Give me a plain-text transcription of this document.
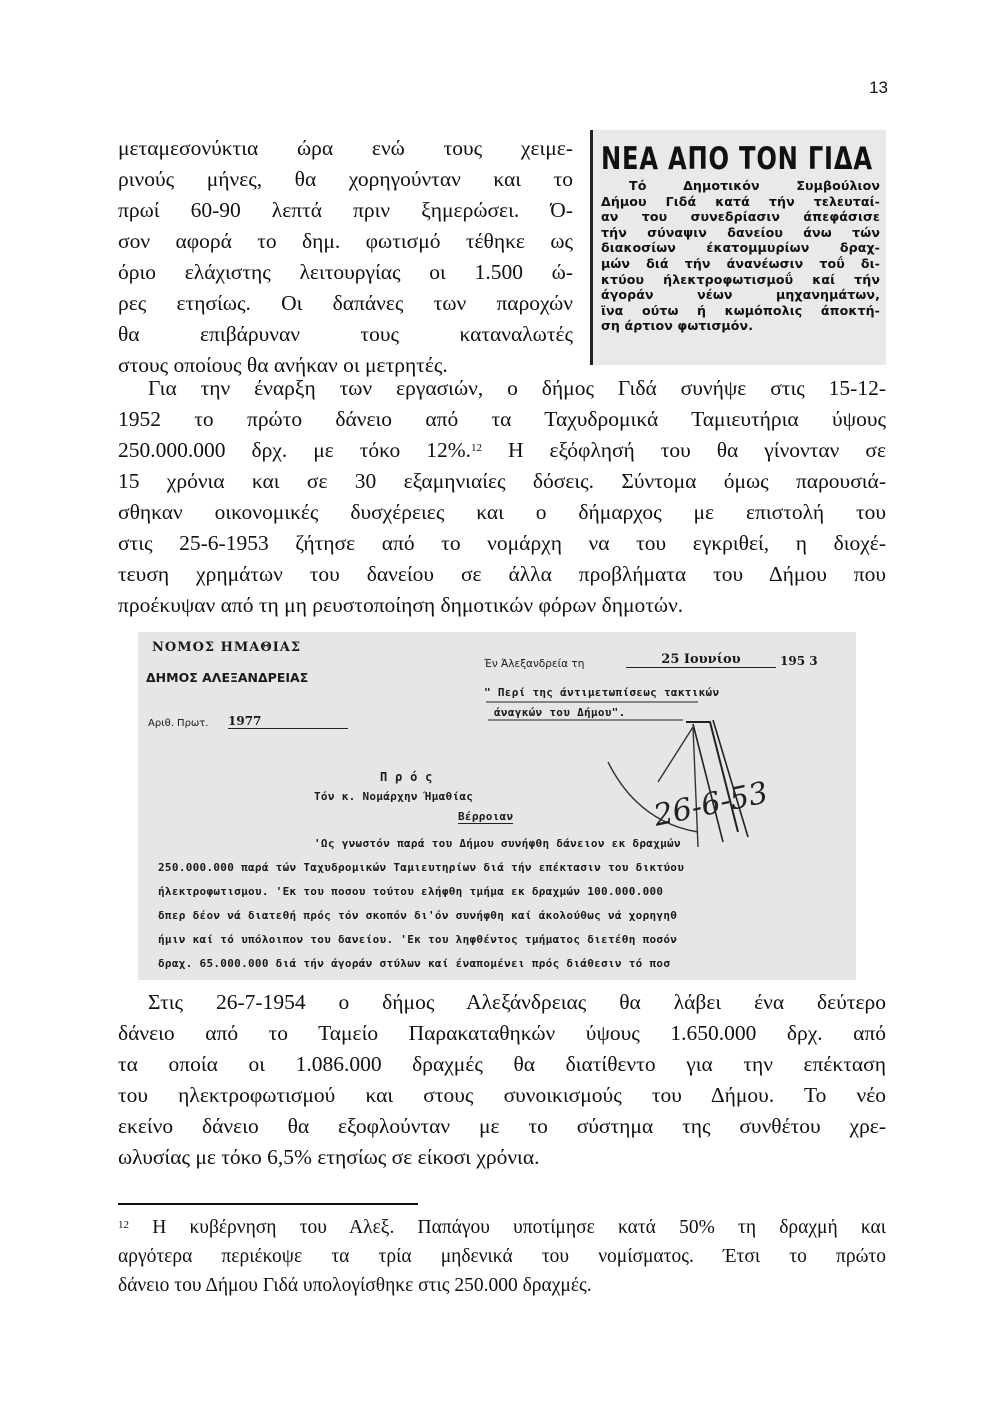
13
μεταμεσονύκτια ώρα ενώ τους χειμε-
ρινούς μήνες, θα χορηγούνταν και το
πρωί 60-90 λεπτά πριν ξημερώσει. Ό-
σον αφορά το δημ. φωτισμό τέθηκε ως
όριο ελάχιστης λειτουργίας οι 1.500 ώ-
ρες ετησίως. Οι δαπάνες των παροχών
θα επιβάρυναν τους καταναλωτές
στους οποίους θα ανήκαν οι μετρητές.
ΝΕΑ ΑΠΟ ΤΟΝ ΓΙΔΑ
Τό Δημοτικόν Συμβούλιον
Δήμου Γιδά κατά τήν τελευταί-
αν του συνεδρίασιν άπεφάσισε
τήν σύναψιν δανείου άνω τών
διακοσίων έκατομμυρίων δραχ-
μών διά τήν άνανέωσιν τοΰ δι-
κτύου ήλεκτροφωτισμοΰ καί τήν
άγοράν νέων μηχανημάτων,
ϊνα ούτω ή κωμόπολις άποκτή-
ση άρτιον φωτισμόν.
Για την έναρξη των εργασιών, ο δήμος Γιδά συνήψε στις 15-12-
1952 το πρώτο δάνειο από τα Ταχυδρομικά Ταμιευτήρια ύψους
250.000.000 δρχ. με τόκο 12%.$^{12}$ Η εξόφλησή του θα γίνονταν σε
15 χρόνια και σε 30 εξαμηνιαίες δόσεις. Σύντομα όμως παρουσιά-
σθηκαν οικονομικές δυσχέρειες και ο δήμαρχος με επιστολή του
στις 25-6-1953 ζήτησε από το νομάρχη να του εγκριθεί, η διοχέ-
τευση χρημάτων του δανείου σε άλλα προβλήματα του Δήμου που
προέκυψαν από τη μη ρευστοποίηση δημοτικών φόρων δημοτών.
ΝΟΜΟΣ ΗΜΑΘΙΑΣ
ΔΗΜΟΣ ΑΛΕΞΑΝΔΡΕΙΑΣ
Αριθ. Πρωτ. 1977
Έν Άλεξανδρεία τη	25 Ιουνίου	195 3
" Περί της άντιμετωπίσεως τακτικών
άναγκών του Δήμου".
Π ρ ό ς
Τόν κ. Νομάρχην Ήμαθίας
Βέρροιαν	26-6-53
'Ως γνωστόν παρά του Δήμου συνήφθη δάνειον εκ δραχμών
250.000.000 παρά τών Ταχυδρομικών Ταμιευτηρίων διά τήν επέκτασιν του δικτύου
ήλεκτροφωτισμου. 'Εκ του ποσου τούτου ελήφθη τμήμα εκ δραχμών 100.000.000
δπερ δέον νά διατεθή πρός τόν σκοπόν δι'όν συνήφθη καί άκολούθως νά χορηγηθ
ήμιν καί τό υπόλοιπον του δανείου. 'Εκ του ληφθέντος τμήματος διετέθη ποσόν
δραχ. 65.000.000 διά τήν άγοράν στύλων καί έναπομένει πρός διάθεσιν τό ποσ
Στις 26-7-1954 ο δήμος Αλεξάνδρειας θα λάβει ένα δεύτερο
δάνειο από το Ταμείο Παρακαταθηκών ύψους 1.650.000 δρχ. από
τα οποία οι 1.086.000 δραχμές θα διατίθεντο για την επέκταση
του ηλεκτροφωτισμού και στους συνοικισμούς του Δήμου. Το νέο
εκείνο δάνειο θα εξοφλούνταν με το σύστημα της συνθέτου χρε-
ωλυσίας με τόκο 6,5% ετησίως σε είκοσι χρόνια.
$^{12}$ Η κυβέρνηση του Αλεξ. Παπάγου υποτίμησε κατά 50% τη δραχμή και
αργότερα περιέκοψε τα τρία μηδενικά του νομίσματος. Έτσι το πρώτο
δάνειο του Δήμου Γιδά υπολογίσθηκε στις 250.000 δραχμές.
